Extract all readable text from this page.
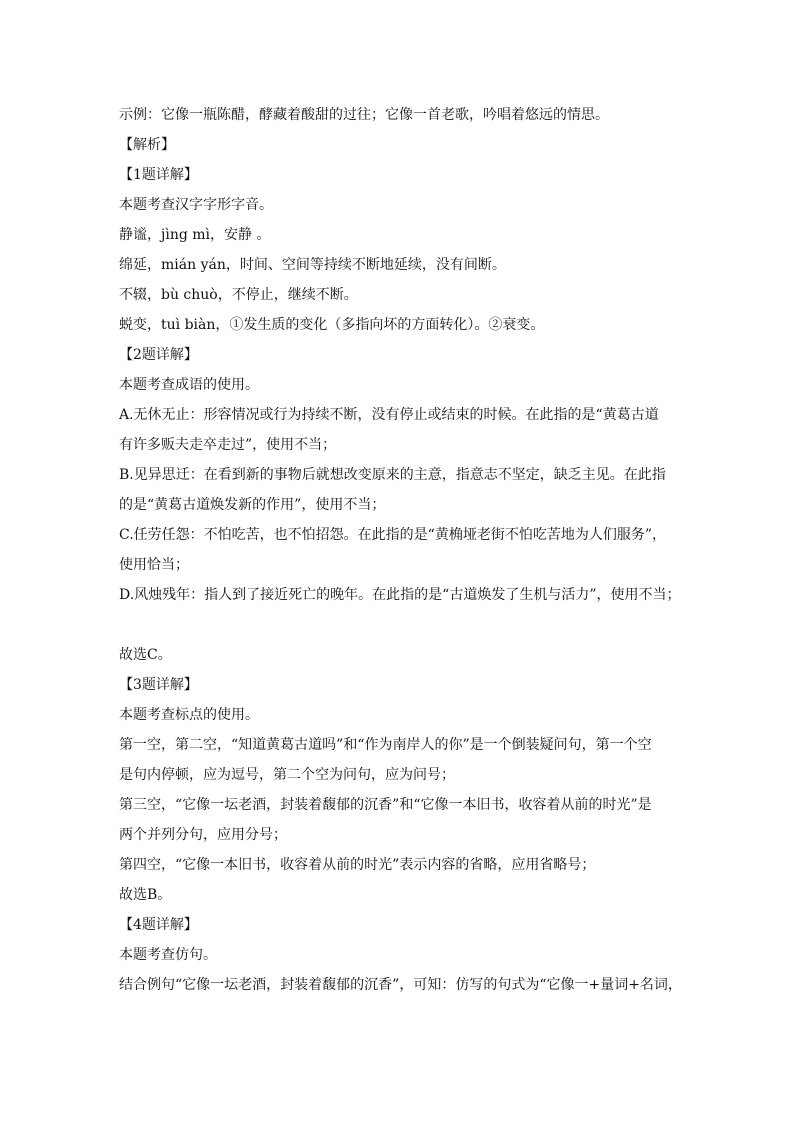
示例：它像一瓶陈醋，酵藏着酸甜的过往；它像一首老歌，吟唱着悠远的情思。
【解析】
【1题详解】
本题考查汉字字形字音。
静谧，jìng mì，安静 。
绵延，mián yán，时间、空间等持续不断地延续，没有间断。
不辍，bù chuò，不停止，继续不断。
蜕变，tuì biàn，①发生质的变化（多指向坏的方面转化）。②衰变。
【2题详解】
本题考查成语的使用。
A.无休无止：形容情况或行为持续不断，没有停止或结束的时候。在此指的是“黄葛古道
有许多贩夫走卒走过”，使用不当；
B.见异思迁：在看到新的事物后就想改变原来的主意，指意志不坚定，缺乏主见。在此指
的是“黄葛古道焕发新的作用”，使用不当；
C.任劳任怨：不怕吃苦，也不怕招怨。在此指的是“黄桷垭老街不怕吃苦地为人们服务”，
使用恰当；
D.风烛残年：指人到了接近死亡的晚年。在此指的是“古道焕发了生机与活力”，使用不当；
故选C。
【3题详解】
本题考查标点的使用。
第一空，第二空，“知道黄葛古道吗”和“作为南岸人的你”是一个倒装疑问句，第一个空
是句内停顿，应为逗号，第二个空为问句，应为问号；
第三空，“它像一坛老酒，封装着馥郁的沉香”和“它像一本旧书，收容着从前的时光”是
两个并列分句，应用分号；
第四空，“它像一本旧书，收容着从前的时光”表示内容的省略，应用省略号；
故选B。
【4题详解】
本题考查仿句。
结合例句“它像一坛老酒，封装着馥郁的沉香”，可知：仿写的句式为“它像一+量词+名词，
